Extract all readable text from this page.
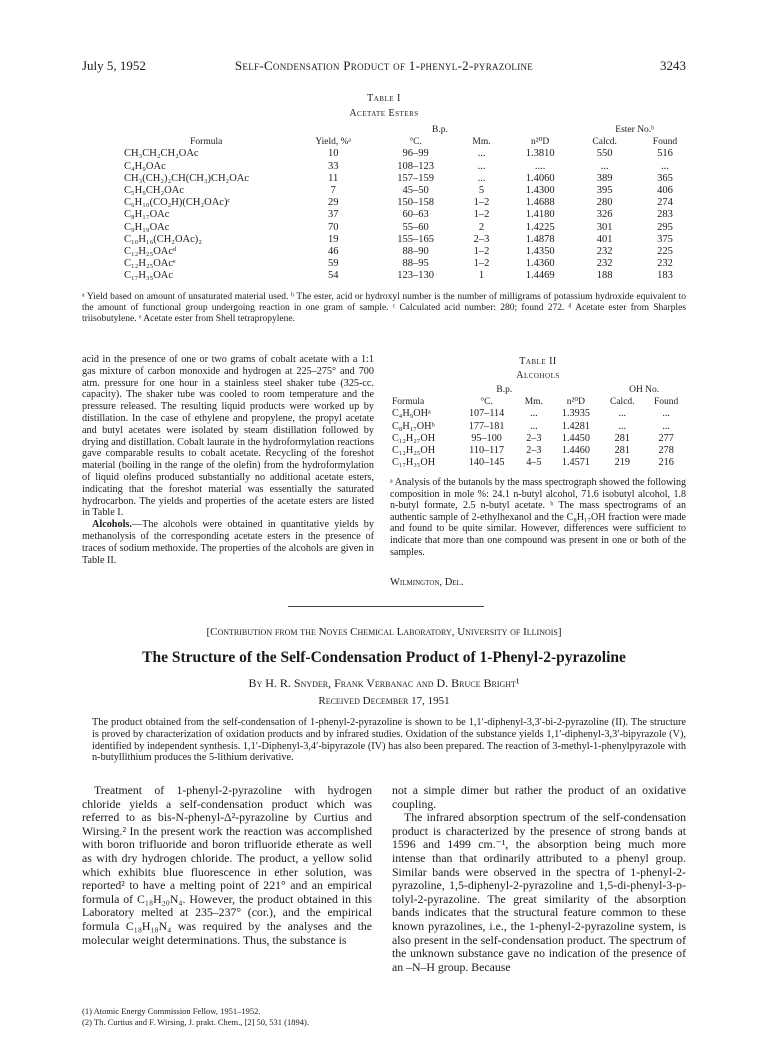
July 5, 1952	Self-Condensation Product of 1-phenyl-2-pyrazoline	3243
Table I
Acetate Esters
Formula	Yield, %ᵃ	B.p.		n²⁰D	Ester No.ᵇ	
		°C.	Mm.		Calcd.	Found
CH₃CH₂CH₂OAc	10	96–99	...	1.3810	550	516
C₄H₉OAc	33	108–123	...	....	...	...
CH₃(CH₂)₂CH(CH₃)CH₂OAc	11	157–159	...	1.4060	389	365
C₅H₉CH₂OAc	7	45–50	5	1.4300	395	406
C₆H₁₀(CO₂H)(CH₂OAc)ᶜ	29	150–158	1–2	1.4688	280	274
C₈H₁₇OAc	37	60–63	1–2	1.4180	326	283
C₉H₁₉OAc	70	55–60	2	1.4225	301	295
C₁₀H₁₆(CH₂OAc)₂	19	155–165	2–3	1.4878	401	375
C₁₂H₂₅OAcᵈ	46	88–90	1–2	1.4350	232	225
C₁₂H₂₅OAcᵉ	59	88–95	1–2	1.4360	232	232
C₁₇H₃₅OAc	54	123–130	1	1.4469	188	183
ᵃ Yield based on amount of unsaturated material used. ᵇ The ester, acid or hydroxyl number is the number of milligrams of potassium hydroxide equivalent to the amount of functional group undergoing reaction in one gram of sample. ᶜ Calculated acid number: 280; found 272. ᵈ Acetate ester from Sharples triisobutylene. ᵉ Acetate ester from Shell tetrapropylene.
acid in the presence of one or two grams of cobalt acetate with a 1:1 gas mixture of carbon monoxide and hydrogen at 225–275° and 700 atm. pressure for one hour in a stainless steel shaker tube (325-cc. capacity). The shaker tube was cooled to room temperature and the pressure released. The resulting liquid products were worked up by distillation. In the case of ethylene and propylene, the propyl acetate and butyl acetates were isolated by steam distillation followed by drying and distillation. Cobalt laurate in the hydroformylation reactions gave comparable results to cobalt acetate. Recycling of the foreshot material (boiling in the range of the olefin) from the hydroformylation of liquid olefins produced substantially no additional acetate esters, indicating that the foreshot material was essentially the saturated hydrocarbon. The yields and properties of the acetate esters are listed in Table I.
Alcohols.—The alcohols were obtained in quantitative yields by methanolysis of the corresponding acetate esters in the presence of traces of sodium methoxide. The properties of the alcohols are given in Table II.
Table II
Alcohols
Formula	B.p.		n²⁰D	OH No.	
	°C.	Mm.		Calcd.	Found
C₄H₉OHᵃ	107–114	...	1.3935	...	...
C₈H₁₇OHᵇ	177–181	...	1.4281	...	...
C₁₂H₂₇OH	95–100	2–3	1.4450	281	277
C₁₂H₂₅OH	110–117	2–3	1.4460	281	278
C₁₇H₃₅OH	140–145	4–5	1.4571	219	216
ᵃ Analysis of the butanols by the mass spectrograph showed the following composition in mole %: 24.1 n-butyl alcohol, 71.6 isobutyl alcohol, 1.8 n-butyl formate, 2.5 n-butyl acetate. ᵇ The mass spectrograms of an authentic sample of 2-ethylhexanol and the C₈H₁₇OH fraction were made and found to be quite similar. However, differences were sufficient to indicate that more than one compound was present in one or both of the samples.
Wilmington, Del.
[Contribution from the Noyes Chemical Laboratory, University of Illinois]
The Structure of the Self-Condensation Product of 1-Phenyl-2-pyrazoline
By H. R. Snyder, Frank Verbanac and D. Bruce Bright¹
Received December 17, 1951
The product obtained from the self-condensation of 1-phenyl-2-pyrazoline is shown to be 1,1′-diphenyl-3,3′-bi-2-pyrazoline (II). The structure is proved by characterization of oxidation products and by infrared studies. Oxidation of the substance yields 1,1′-diphenyl-3,3′-bipyrazole (V), identified by independent synthesis. 1,1′-Diphenyl-3,4′-bipyrazole (IV) has also been prepared. The reaction of 3-methyl-1-phenylpyrazole with n-butyllithium produces the 5-lithium derivative.

Treatment of 1-phenyl-2-pyrazoline with hydrogen chloride yields a self-condensation product which was referred to as bis-N-phenyl-Δ²-pyrazoline by Curtius and Wirsing.² In the present work the reaction was accomplished with boron trifluoride and boron trifluoride etherate as well as with dry hydrogen chloride. The product, a yellow solid which exhibits blue fluorescence in ether solution, was reported² to have a melting point of 221° and an empirical formula of C₁₈H₂₀N₄. However, the product obtained in this Laboratory melted at 235–237° (cor.), and the empirical formula C₁₈H₁₈N₄ was required by the analyses and the molecular weight determinations. Thus, the substance is

(1) Atomic Energy Commission Fellow, 1951–1952.
(2) Th. Curtius and F. Wirsing, J. prakt. Chem., [2] 50, 531 (1894).

not a simple dimer but rather the product of an oxidative coupling.

The infrared absorption spectrum of the self-condensation product is characterized by the presence of strong bands at 1596 and 1499 cm.⁻¹, the absorption being much more intense than that ordinarily attributed to a phenyl group. Similar bands were observed in the spectra of 1-phenyl-2-pyrazoline, 1,5-diphenyl-2-pyrazoline and 1,5-di-phenyl-3-p-tolyl-2-pyrazoline. The great similarity of the absorption bands indicates that the structural feature common to these known pyrazolines, i.e., the 1-phenyl-2-pyrazoline system, is also present in the self-condensation product. The spectrum of the unknown substance gave no indication of the presence of an –N–H group. Because
